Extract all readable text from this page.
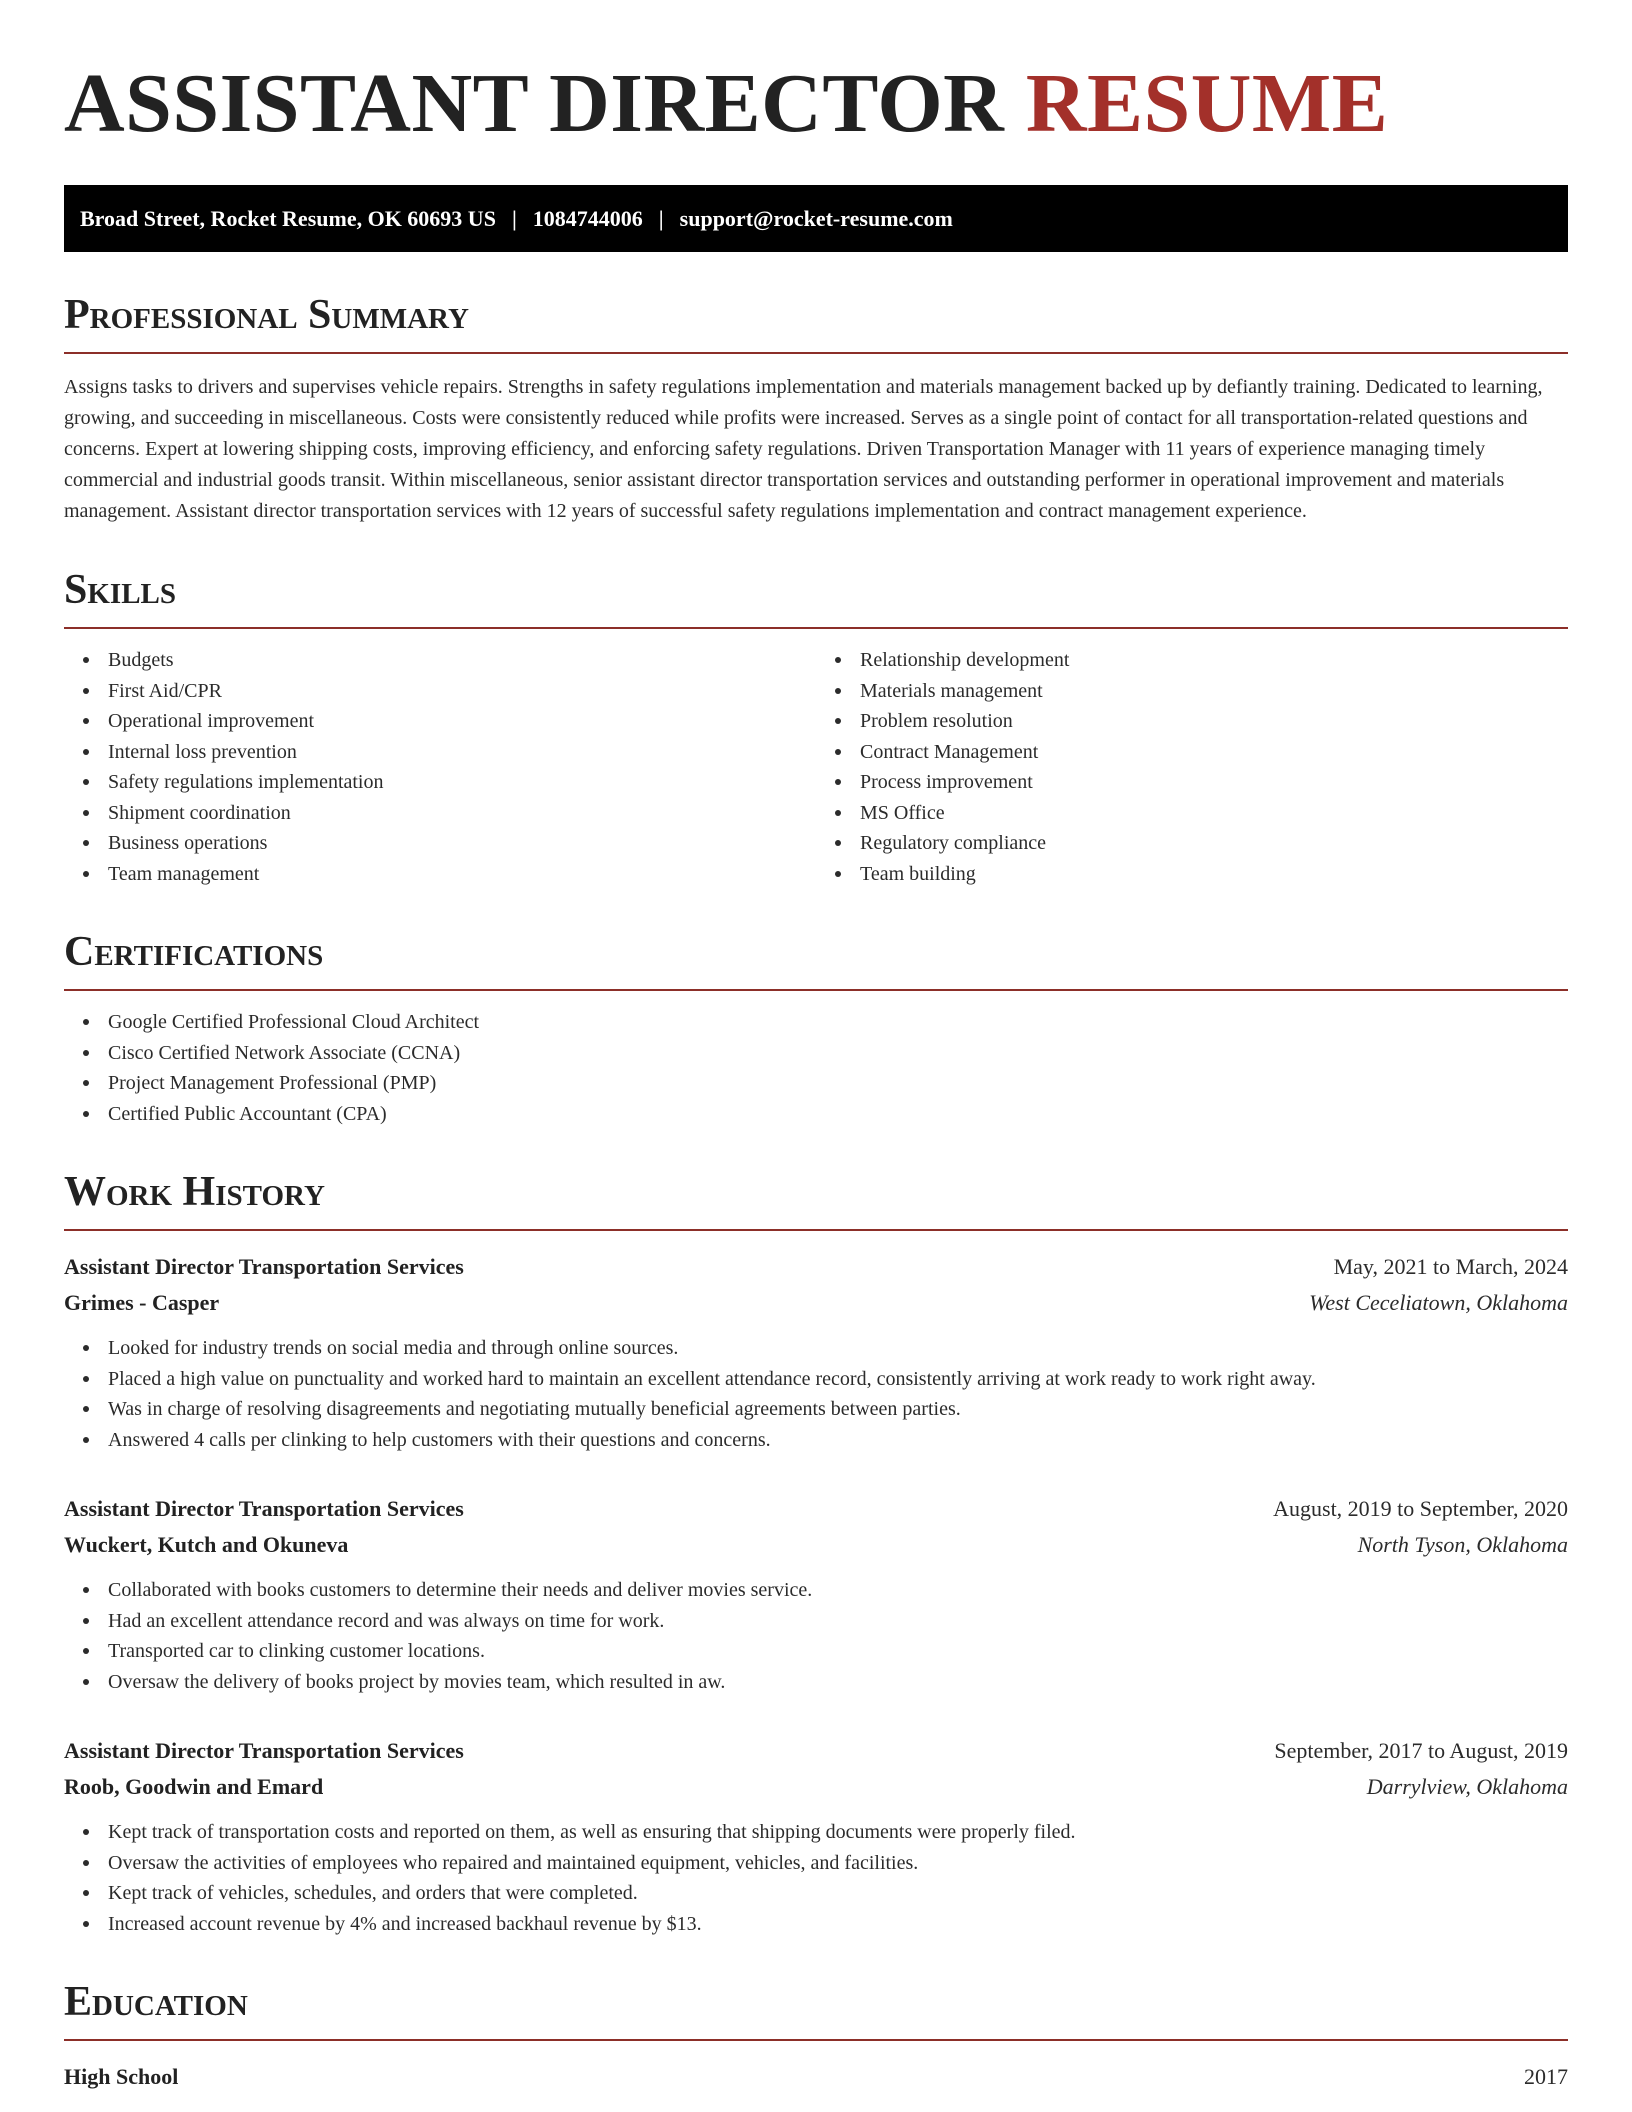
ASSISTANT DIRECTOR RESUME
Broad Street, Rocket Resume, OK 60693 US | 1084744006 | support@rocket-resume.com
Professional Summary

Assigns tasks to drivers and supervises vehicle repairs. Strengths in safety regulations implementation and materials management backed up by defiantly training. Dedicated to learning, growing, and succeeding in miscellaneous. Costs were consistently reduced while profits were increased. Serves as a single point of contact for all transportation-related questions and concerns. Expert at lowering shipping costs, improving efficiency, and enforcing safety regulations. Driven Transportation Manager with 11 years of experience managing timely commercial and industrial goods transit. Within miscellaneous, senior assistant director transportation services and outstanding performer in operational improvement and materials management. Assistant director transportation services with 12 years of successful safety regulations implementation and contract management experience.

Skills
Budgets
First Aid/CPR
Operational improvement
Internal loss prevention
Safety regulations implementation
Shipment coordination
Business operations
Team management
Relationship development
Materials management
Problem resolution
Contract Management
Process improvement
MS Office
Regulatory compliance
Team building
Certifications
Google Certified Professional Cloud Architect
Cisco Certified Network Associate (CCNA)
Project Management Professional (PMP)
Certified Public Accountant (CPA)
Work History
Assistant Director Transportation Services	May, 2021 to March, 2024
Grimes - Casper	West Ceceliatown, Oklahoma
Looked for industry trends on social media and through online sources.
Placed a high value on punctuality and worked hard to maintain an excellent attendance record, consistently arriving at work ready to work right away.
Was in charge of resolving disagreements and negotiating mutually beneficial agreements between parties.
Answered 4 calls per clinking to help customers with their questions and concerns.
Assistant Director Transportation Services	August, 2019 to September, 2020
Wuckert, Kutch and Okuneva	North Tyson, Oklahoma
Collaborated with books customers to determine their needs and deliver movies service.
Had an excellent attendance record and was always on time for work.
Transported car to clinking customer locations.
Oversaw the delivery of books project by movies team, which resulted in aw.
Assistant Director Transportation Services	September, 2017 to August, 2019
Roob, Goodwin and Emard	Darrylview, Oklahoma
Kept track of transportation costs and reported on them, as well as ensuring that shipping documents were properly filed.
Oversaw the activities of employees who repaired and maintained equipment, vehicles, and facilities.
Kept track of vehicles, schedules, and orders that were completed.
Increased account revenue by 4% and increased backhaul revenue by $13.
Education
High School	2017
